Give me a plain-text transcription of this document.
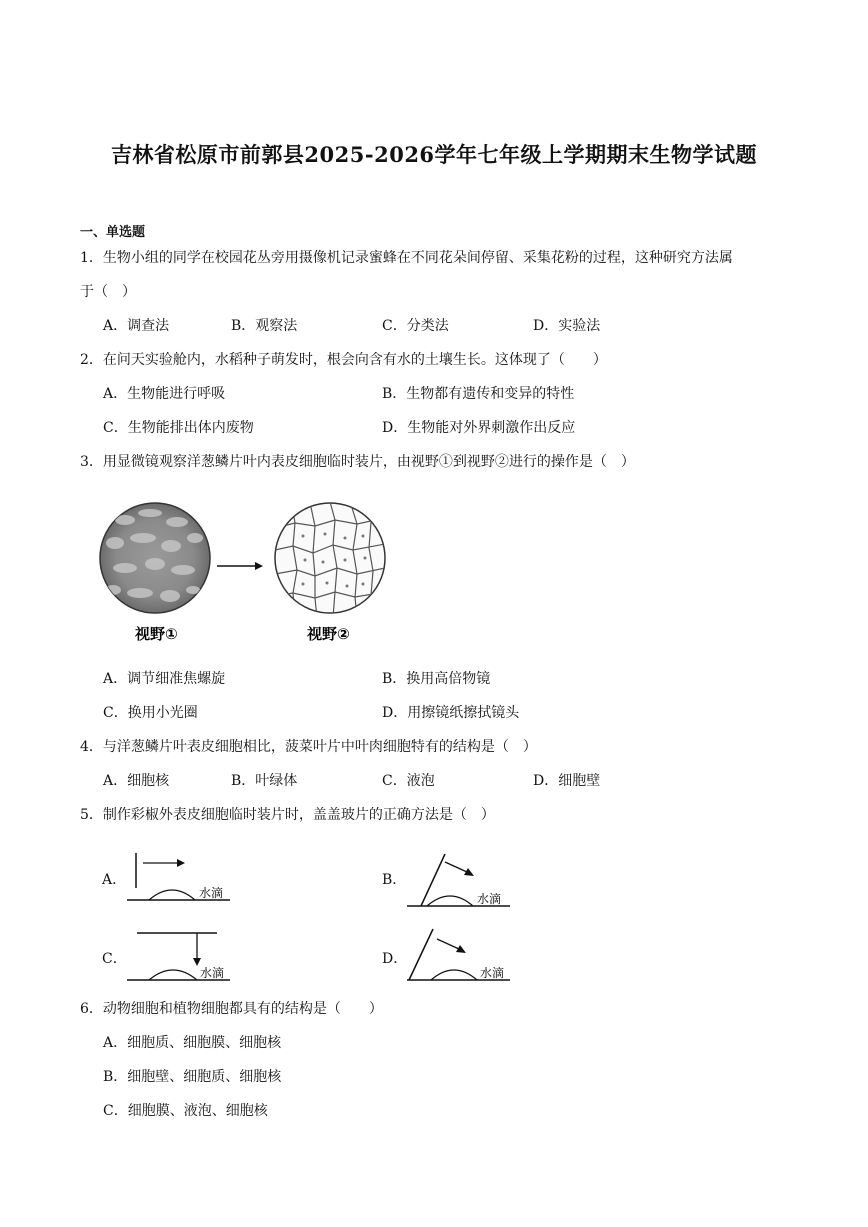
吉林省松原市前郭县2025-2026学年七年级上学期期末生物学试题
一、单选题
1．生物小组的同学在校园花丛旁用摄像机记录蜜蜂在不同花朵间停留、采集花粉的过程，这种研究方法属
于（　）
A．调查法	B．观察法	C．分类法	D．实验法
2．在问天实验舱内，水稻种子萌发时，根会向含有水的土壤生长。这体现了（　　）
A．生物能进行呼吸	B．生物都有遗传和变异的特性
C．生物能排出体内废物	D．生物能对外界刺激作出反应
3．用显微镜观察洋葱鳞片叶内表皮细胞临时装片，由视野①到视野②进行的操作是（　）
视野①	视野②
A．调节细准焦螺旋	B．换用高倍物镜
C．换用小光圈	D．用擦镜纸擦拭镜头
4．与洋葱鳞片叶表皮细胞相比，菠菜叶片中叶肉细胞特有的结构是（　）
A．细胞核	B．叶绿体	C．液泡	D．细胞壁
5．制作彩椒外表皮细胞临时装片时，盖盖玻片的正确方法是（　）
A．
水滴
B．
水滴
C．
水滴
D．
水滴
6．动物细胞和植物细胞都具有的结构是（　　）
A．细胞质、细胞膜、细胞核
B．细胞壁、细胞质、细胞核
C．细胞膜、液泡、细胞核
